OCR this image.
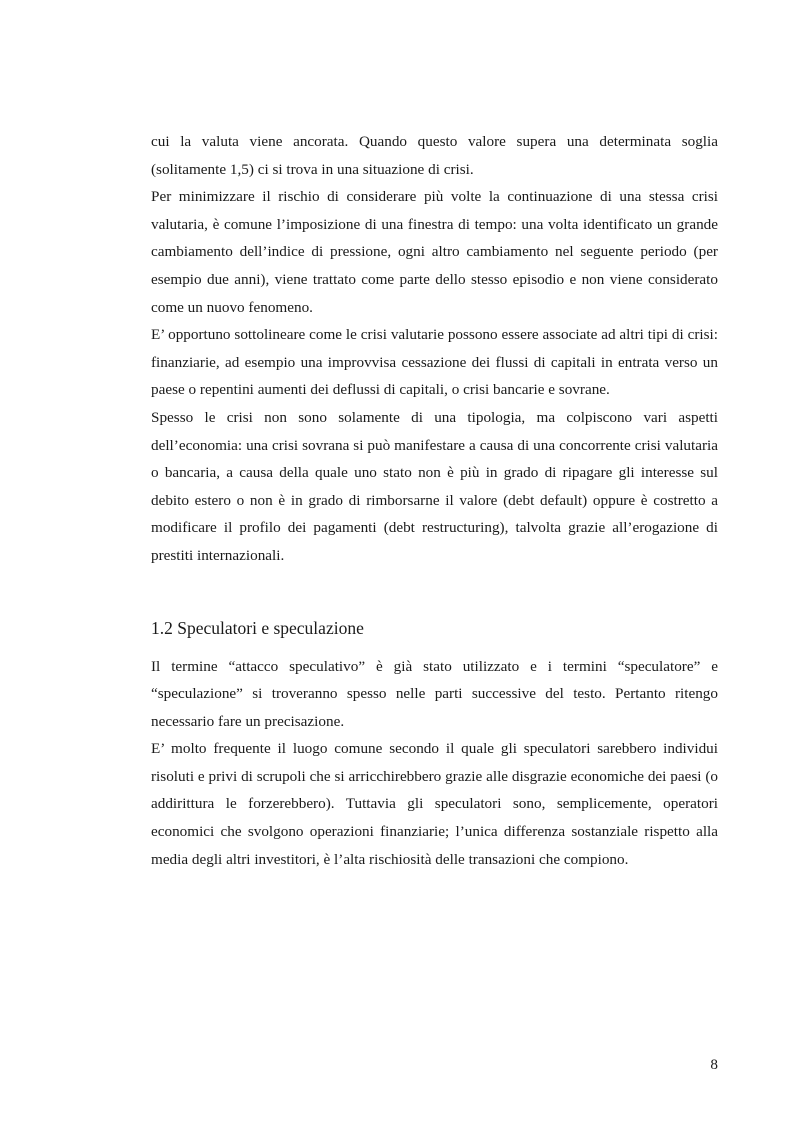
cui la valuta viene ancorata. Quando questo valore supera una determinata soglia (solitamente 1,5) ci si trova in una situazione di crisi.

Per minimizzare il rischio di considerare più volte la continuazione di una stessa crisi valutaria, è comune l’imposizione di una finestra di tempo: una volta identificato un grande cambiamento dell’indice di pressione, ogni altro cambiamento nel seguente periodo (per esempio due anni), viene trattato come parte dello stesso episodio e non viene considerato come un nuovo fenomeno.

E’ opportuno sottolineare come le crisi valutarie possono essere associate ad altri tipi di crisi: finanziarie, ad esempio una improvvisa cessazione dei flussi di capitali in entrata verso un paese o repentini aumenti dei deflussi di capitali, o crisi bancarie e sovrane.

Spesso le crisi non sono solamente di una tipologia, ma colpiscono vari aspetti dell’economia: una crisi sovrana si può manifestare a causa di una concorrente crisi valutaria o bancaria, a causa della quale uno stato non è più in grado di ripagare gli interesse sul debito estero o non è in grado di rimborsarne il valore (debt default) oppure è costretto a modificare il profilo dei pagamenti (debt restructuring), talvolta grazie all’erogazione di prestiti internazionali.

1.2 Speculatori e speculazione

Il termine “attacco speculativo” è già stato utilizzato e i termini “speculatore” e “speculazione” si troveranno spesso nelle parti successive del testo. Pertanto ritengo necessario fare un precisazione.

E’ molto frequente il luogo comune secondo il quale gli speculatori sarebbero individui risoluti e privi di scrupoli che si arricchirebbero grazie alle disgrazie economiche dei paesi (o addirittura le forzerebbero). Tuttavia gli speculatori sono, semplicemente, operatori economici che svolgono operazioni finanziarie; l’unica differenza sostanziale rispetto alla media degli altri investitori, è l’alta rischiosità delle transazioni che compiono.

8
